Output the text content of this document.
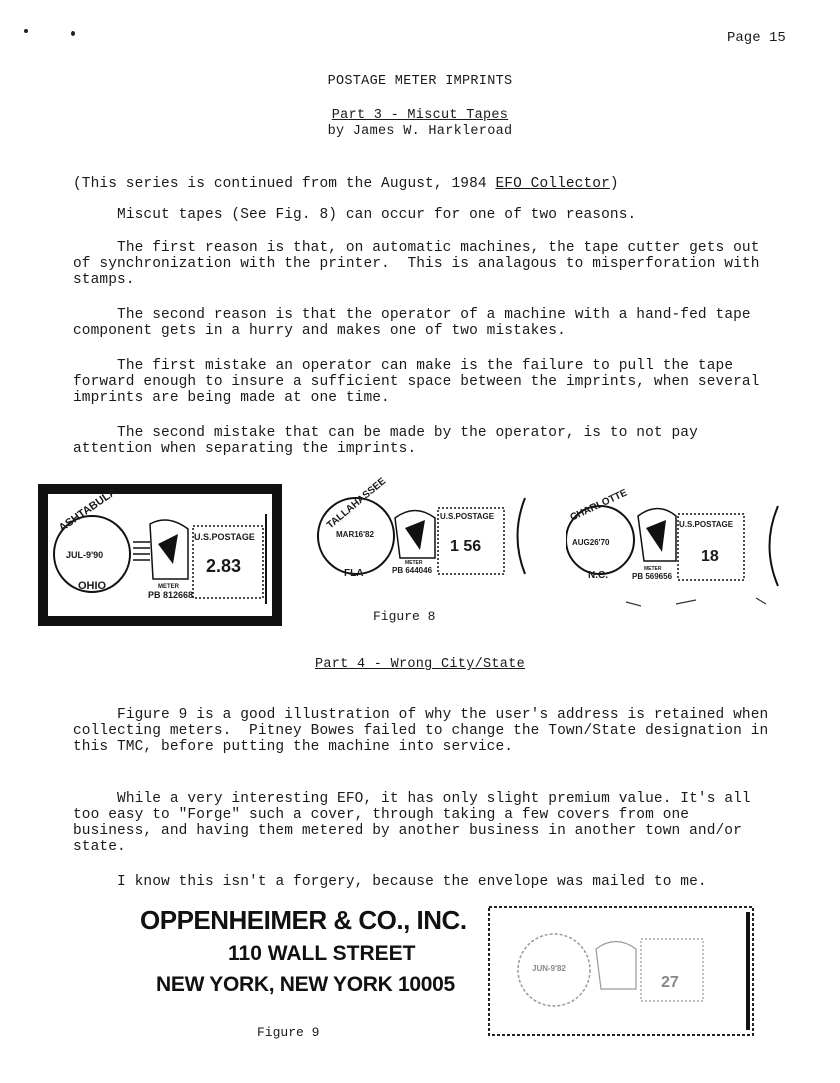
Page 15
POSTAGE METER IMPRINTS
Part 3 - Miscut Tapes
by James W. Harkleroad
(This series is continued from the August, 1984 EFO Collector)
Miscut tapes (See Fig. 8) can occur for one of two reasons.
The first reason is that, on automatic machines, the tape cutter gets out of synchronization with the printer.  This is analagous to misperforation with stamps.
The second reason is that the operator of a machine with a hand-fed tape component gets in a hurry and makes one of two mistakes.
The first mistake an operator can make is the failure to pull the tape forward enough to insure a sufficient space between the imprints, when several imprints are being made at one time.
The second mistake that can be made by the operator, is to not pay attention when separating the imprints.
ASHTABULA
OHIO
JUL-9'90
U.S.POSTAGE
2.83
METER
PB 812668
TALLAHASSEE
FLA
MAR16'82
U.S.POSTAGE
1 56
METER
PB 644046
CHARLOTTE
N.C.
AUG26'70
U.S.POSTAGE
18
METER
PB 569656
Figure 8
Part 4 - Wrong City/State
Figure 9 is a good illustration of why the user's address is retained when collecting meters.  Pitney Bowes failed to change the Town/State designation in this TMC, before putting the machine into service.
While a very interesting EFO, it has only slight premium value. It's all too easy to "Forge" such a cover, through taking a few covers from one business, and having them metered by another business in another town and/or state.
I know this isn't a forgery, because the envelope was mailed to me.
OPPENHEIMER & CO., INC.
110 WALL STREET
NEW YORK, NEW YORK 10005
JUN-9'82
27
Figure 9
